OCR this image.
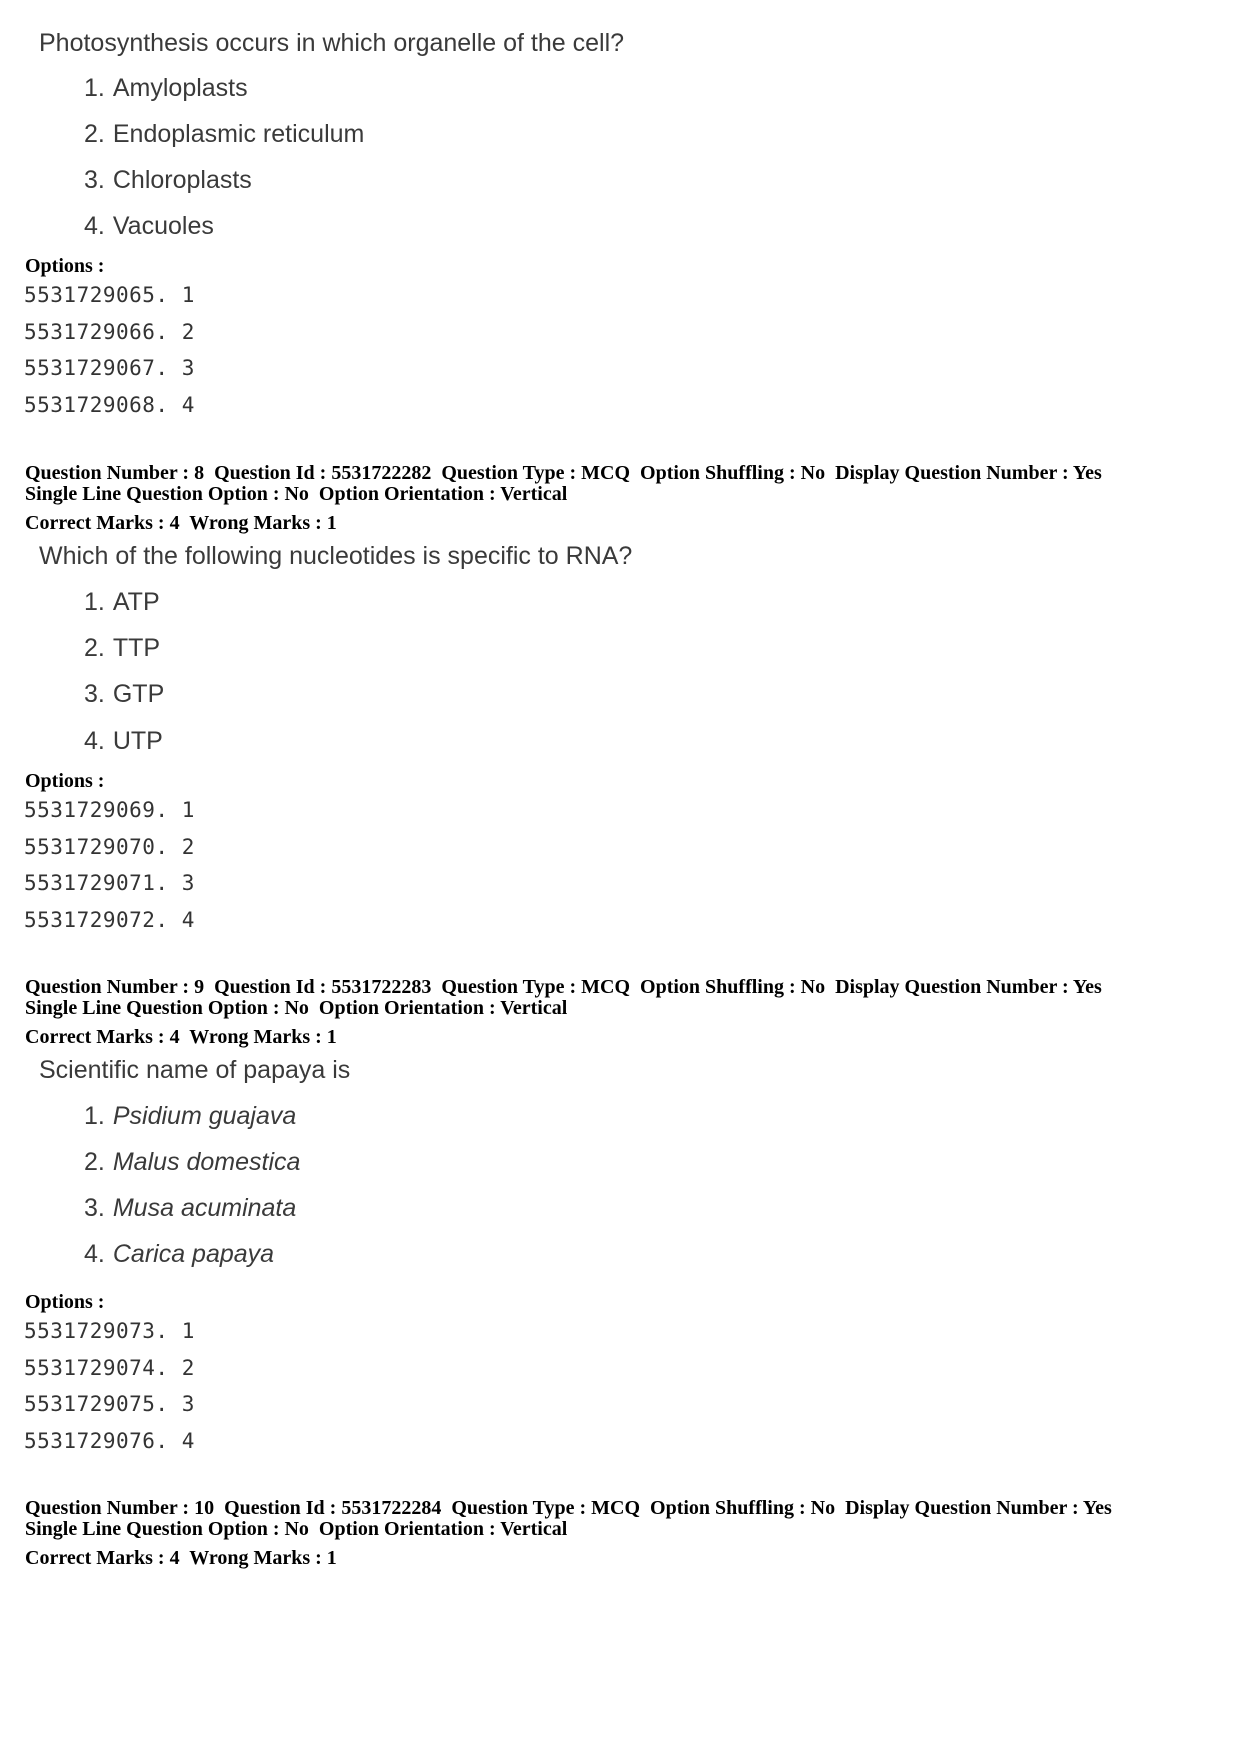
Photosynthesis occurs in which organelle of the cell?
1. Amyloplasts
2. Endoplasmic reticulum
3. Chloroplasts
4. Vacuoles
Options :
5531729065. 1
5531729066. 2
5531729067. 3
5531729068. 4
Question Number : 8  Question Id : 5531722282  Question Type : MCQ  Option Shuffling : No  Display Question Number : Yes
Single Line Question Option : No  Option Orientation : Vertical
Correct Marks : 4  Wrong Marks : 1
Which of the following nucleotides is specific to RNA?
1. ATP
2. TTP
3. GTP
4. UTP
Options :
5531729069. 1
5531729070. 2
5531729071. 3
5531729072. 4
Question Number : 9  Question Id : 5531722283  Question Type : MCQ  Option Shuffling : No  Display Question Number : Yes
Single Line Question Option : No  Option Orientation : Vertical
Correct Marks : 4  Wrong Marks : 1
Scientific name of papaya is
1. Psidium guajava
2. Malus domestica
3. Musa acuminata
4. Carica papaya
Options :
5531729073. 1
5531729074. 2
5531729075. 3
5531729076. 4
Question Number : 10  Question Id : 5531722284  Question Type : MCQ  Option Shuffling : No  Display Question Number : Yes
Single Line Question Option : No  Option Orientation : Vertical
Correct Marks : 4  Wrong Marks : 1
